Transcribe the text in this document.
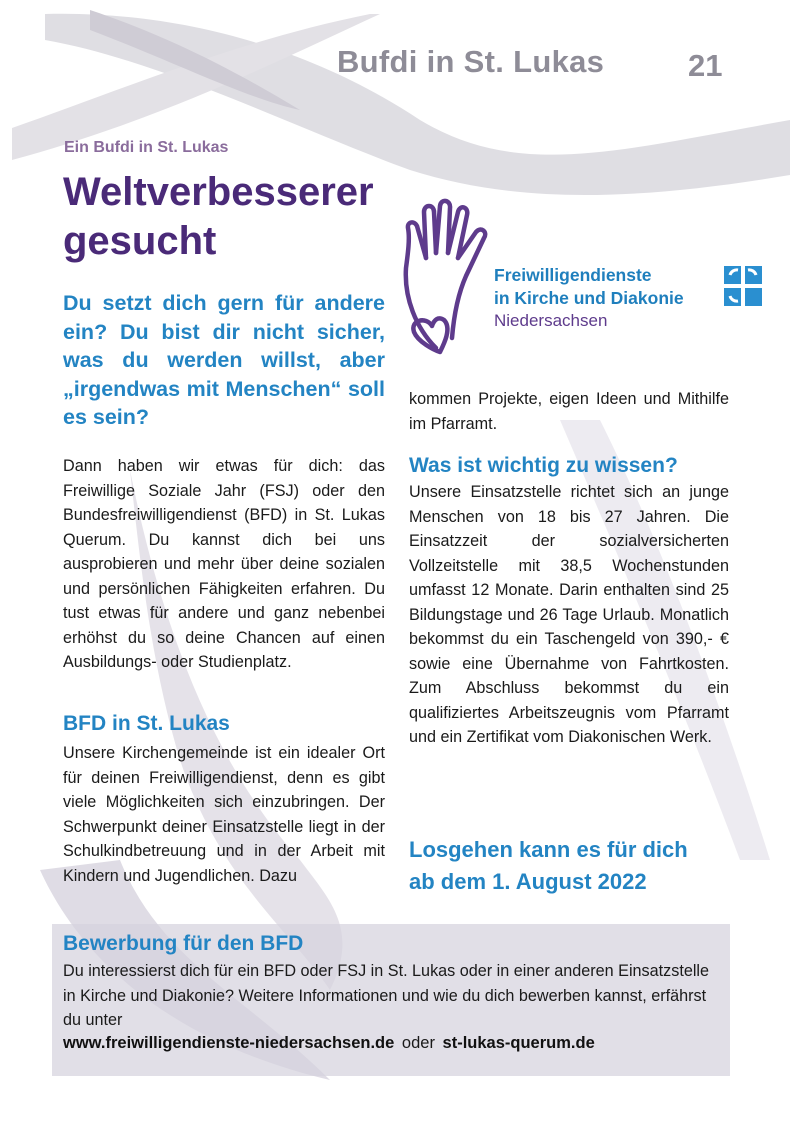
Bufdi in St. Lukas	21
Ein Bufdi in St. Lukas
Weltverbesserer
gesucht
Freiwilligendienste
in Kirche und Diakonie
Niedersachsen
Du setzt dich gern für andere ein? Du bist dir nicht sicher, was du werden willst, aber „irgendwas mit Menschen“ soll es sein?

Dann haben wir etwas für dich: das Freiwillige Soziale Jahr (FSJ) oder den Bundesfreiwilligendienst (BFD) in St. Lukas Querum. Du kannst dich bei uns ausprobieren und mehr über deine sozialen und persönlichen Fähigkeiten erfahren. Du tust etwas für andere und ganz nebenbei erhöhst du so deine Chancen auf einen Ausbildungs- oder Studienplatz.

BFD in St. Lukas

Unsere Kirchengemeinde ist ein idealer Ort für deinen Freiwilligendienst, denn es gibt viele Möglichkeiten sich einzubringen. Der Schwerpunkt deiner Einsatzstelle liegt in der Schulkindbetreuung und in der Arbeit mit Kindern und Jugendlichen. Dazu

kommen Projekte, eigen Ideen und Mithilfe im Pfarramt.

Was ist wichtig zu wissen?

Unsere Einsatzstelle richtet sich an junge Menschen von 18 bis 27 Jahren. Die Einsatzzeit der sozialversicherten Vollzeitstelle mit 38,5 Wochenstunden umfasst 12 Monate. Darin enthalten sind 25 Bildungstage und 26 Tage Urlaub. Monatlich bekommst du ein Taschengeld von 390,- € sowie eine Übernahme von Fahrtkosten. Zum Abschluss bekommst du ein qualifiziertes Arbeitszeugnis vom Pfarramt und ein Zertifikat vom Diakonischen Werk.

Losgehen kann es für dich
ab dem 1. August 2022
Bewerbung für den BFD
Du interessierst dich für ein BFD oder FSJ in St. Lukas oder in einer anderen Einsatzstelle in Kirche und Diakonie? Weitere Informationen und wie du dich bewerben kannst, erfährst du unter
www.freiwilligendienste-niedersachsen.de oder st-lukas-querum.de
